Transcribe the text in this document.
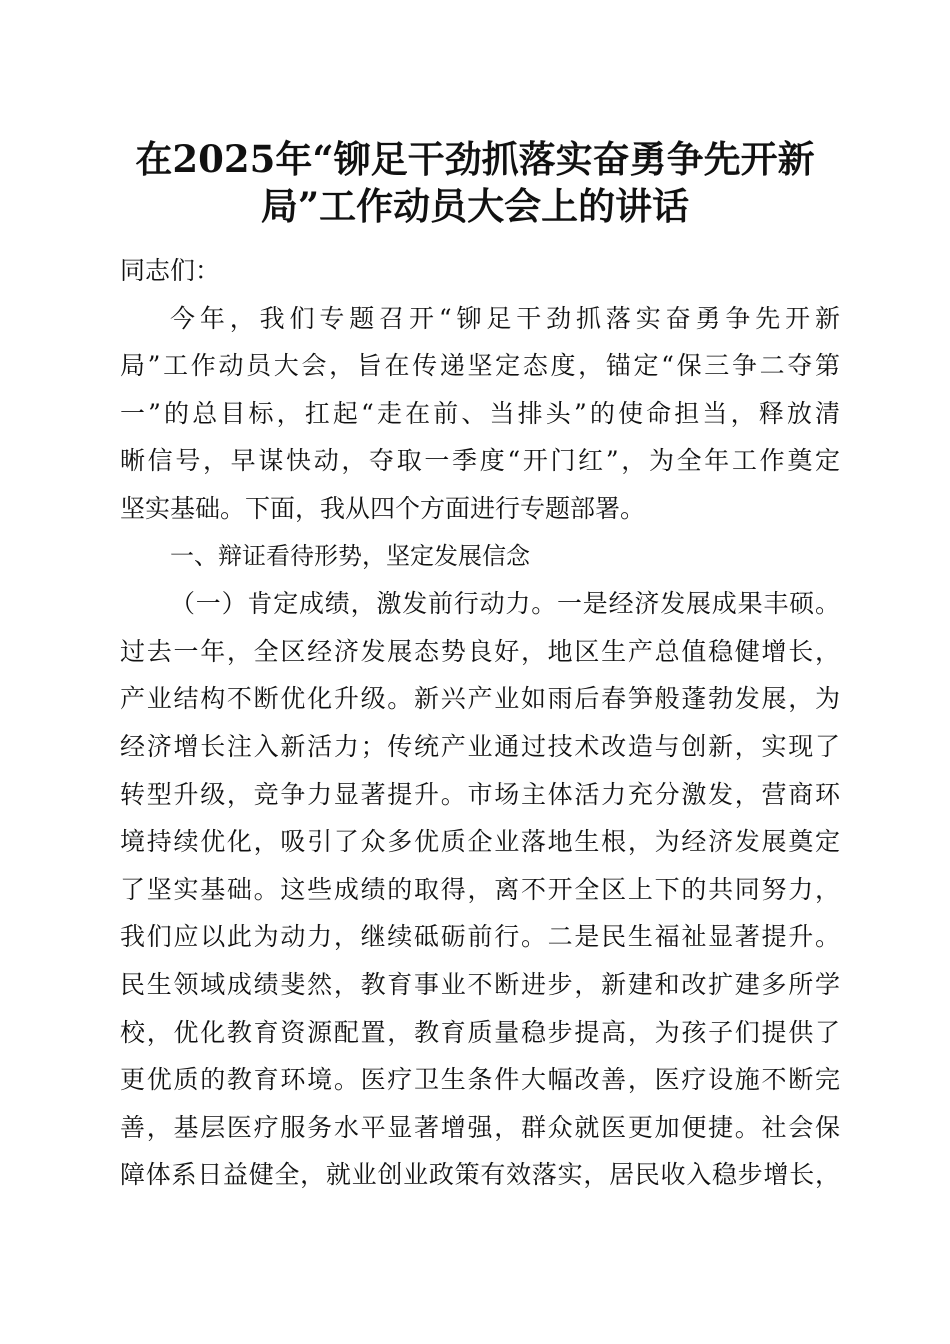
在2025年“铆足干劲抓落实奋勇争先开新
局”工作动员大会上的讲话
同志们：
今年，我们专题召开“铆足干劲抓落实奋勇争先开新
局”工作动员大会，旨在传递坚定态度，锚定“保三争二夺第
一”的总目标，扛起“走在前、当排头”的使命担当，释放清
晰信号，早谋快动，夺取一季度“开门红”，为全年工作奠定
坚实基础。下面，我从四个方面进行专题部署。
一、辩证看待形势，坚定发展信念
（一）肯定成绩，激发前行动力。一是经济发展成果丰硕。
过去一年，全区经济发展态势良好，地区生产总值稳健增长，
产业结构不断优化升级。新兴产业如雨后春笋般蓬勃发展，为
经济增长注入新活力；传统产业通过技术改造与创新，实现了
转型升级，竞争力显著提升。市场主体活力充分激发，营商环
境持续优化，吸引了众多优质企业落地生根，为经济发展奠定
了坚实基础。这些成绩的取得，离不开全区上下的共同努力，
我们应以此为动力，继续砥砺前行。二是民生福祉显著提升。
民生领域成绩斐然，教育事业不断进步，新建和改扩建多所学
校，优化教育资源配置，教育质量稳步提高，为孩子们提供了
更优质的教育环境。医疗卫生条件大幅改善，医疗设施不断完
善，基层医疗服务水平显著增强，群众就医更加便捷。社会保
障体系日益健全，就业创业政策有效落实，居民收入稳步增长，
